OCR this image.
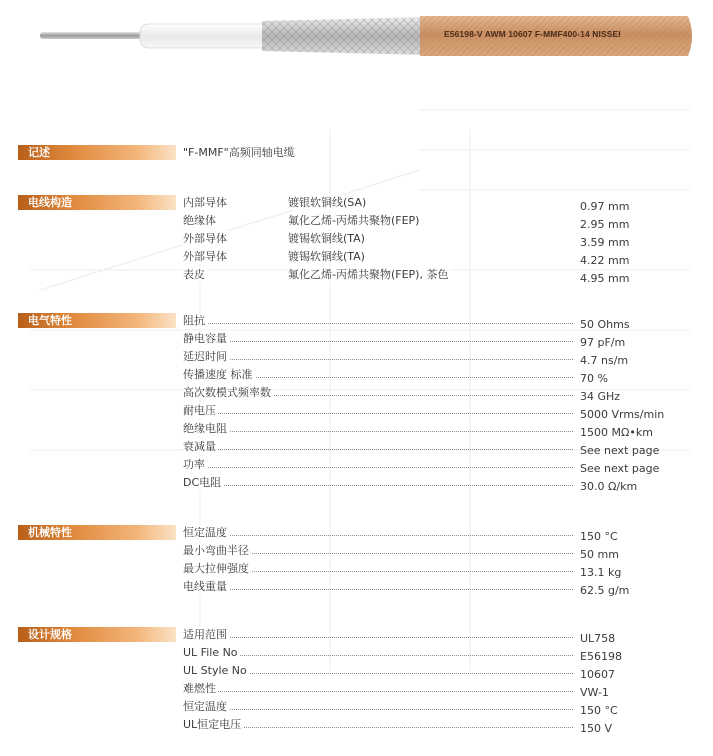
E56198-V AWM 10607 F-MMF400-14 NISSEI
记述	"F-MMF"高频同轴电缆
电线构造	内部导体	镀银软铜线(SA)	0.97 mm
绝缘体	氟化乙烯-丙烯共聚物(FEP)	2.95 mm
外部导体	镀锡软铜线(TA)	3.59 mm
外部导体	镀锡软铜线(TA)	4.22 mm
表皮	氟化乙烯-丙烯共聚物(FEP), 茶色	4.95 mm
电气特性	阻抗	50 Ohms
静电容量	97 pF/m
延迟时间	4.7 ns/m
传播速度 标准	70 %
高次数模式频率数	34 GHz
耐电压	5000 Vrms/min
绝缘电阻	1500 MΩ•km
衰减量	See next page
功率	See next page
DC电阻	30.0 Ω/km
机械特性	恒定温度	150 °C
最小弯曲半径	50 mm
最大拉伸强度	13.1 kg
电线重量	62.5 g/m
设计规格	适用范围	UL758
UL File No	E56198
UL Style No	10607
难燃性	VW-1
恒定温度	150 °C
UL恒定电压	150 V
